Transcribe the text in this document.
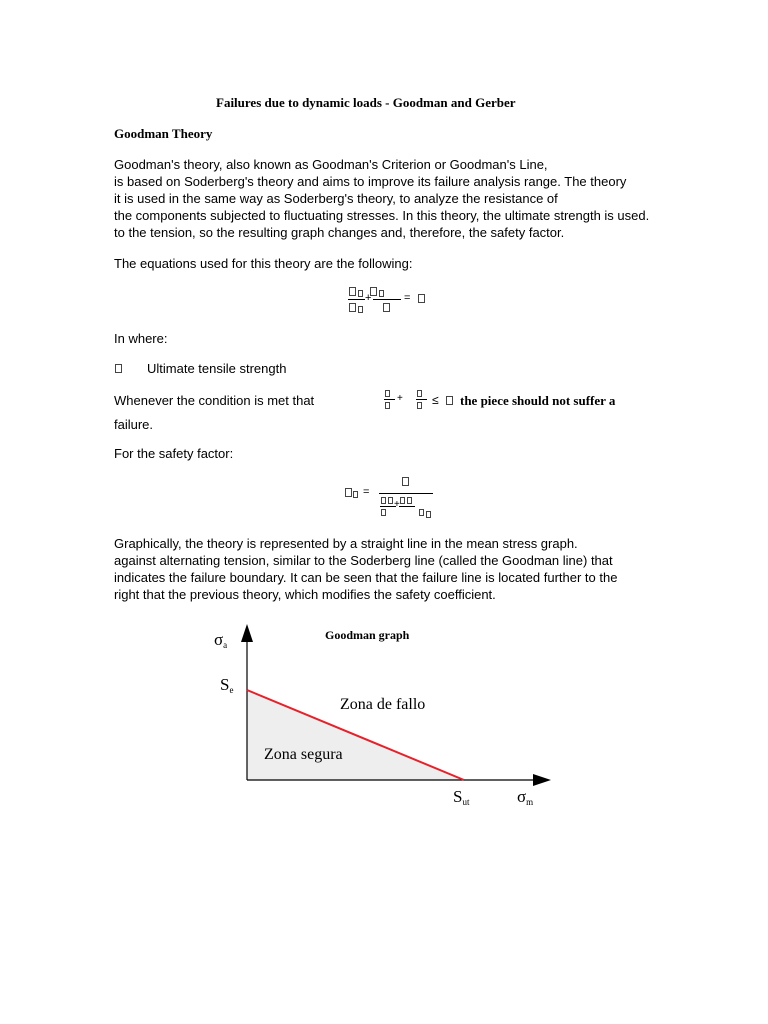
Failures due to dynamic loads - Goodman and Gerber
Goodman Theory
Goodman's theory, also known as Goodman's Criterion or Goodman's Line,
is based on Soderberg's theory and aims to improve its failure analysis range. The theory
it is used in the same way as Soderberg's theory, to analyze the resistance of
the components subjected to fluctuating stresses. In this theory, the ultimate strength is used.
to the tension, so the resulting graph changes and, therefore, the safety factor.
The equations used for this theory are the following:
+	=
In where:
Ultimate tensile strength
Whenever the condition is met that	+ ≤ the piece should not suffer a
failure.
For the safety factor:
=
+
Graphically, the theory is represented by a straight line in the mean stress graph.
against alternating tension, similar to the Soderberg line (called the Goodman line) that
indicates the failure boundary. It can be seen that the failure line is located further to the
right that the previous theory, which modifies the safety coefficient.
Goodman graph
σa
Se
Sut	σm
Zona de fallo
Zona segura
